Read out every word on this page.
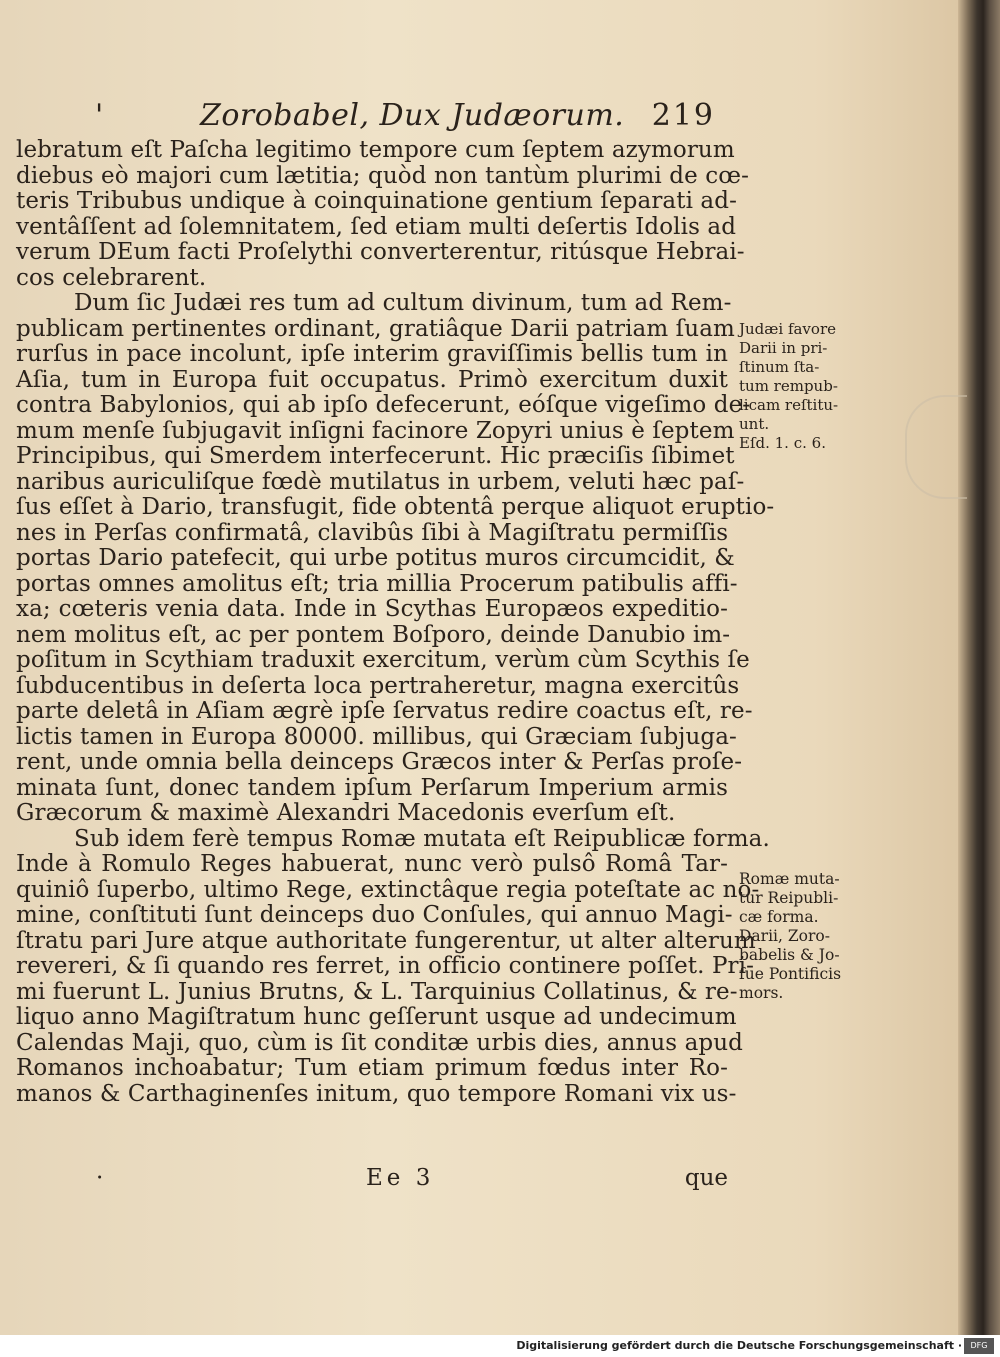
'	Zorobabel, Dux Judæorum. 219
lebratum eſt Paſcha legitimo tempore cum ſeptem azymorum
diebus eò majori cum lætitia; quòd non tantùm plurimi de cœ-
teris Tribubus undique à coinquinatione gentium ſeparati ad-
ventâſſent ad ſolemnitatem, ſed etiam multi deſertis Idolis ad
verum DEum facti Proſelythi converterentur, ritúsque Hebrai-
cos celebrarent.
Dum ſic Judæi res tum ad cultum divinum, tum ad Rem-
publicam pertinentes ordinant, gratiâque Darii patriam ſuam
rurſus in pace incolunt, ipſe interim graviſſimis bellis tum in
Aſia, tum in Europa fuit occupatus. Primò exercitum duxit
contra Babylonios, qui ab ipſo defecerunt, eóſque vigeſimo de-
mum menſe ſubjugavit inſigni facinore Zopyri unius è ſeptem
Principibus, qui Smerdem interfecerunt. Hic præciſis ſibimet
naribus auriculiſque fœdè mutilatus in urbem, veluti hæc paſ-
ſus eſſet à Dario, transfugit, fide obtentâ perque aliquot eruptio-
nes in Perſas confirmatâ, clavibûs ſibi à Magiſtratu permiſſis
portas Dario patefecit, qui urbe potitus muros circumcidit, &
portas omnes amolitus eſt; tria millia Procerum patibulis affi-
xa; cœteris venia data. Inde in Scythas Europæos expeditio-
nem molitus eſt, ac per pontem Boſporo, deinde Danubio im-
poſitum in Scythiam traduxit exercitum, verùm cùm Scythis ſe
ſubducentibus in deſerta loca pertraheretur, magna exercitûs
parte deletâ in Aſiam ægrè ipſe ſervatus redire coactus eſt, re-
lictis tamen in Europa 80000. millibus, qui Græciam ſubjuga-
rent, unde omnia bella deinceps Græcos inter & Perſas proſe-
minata ſunt, donec tandem ipſum Perſarum Imperium armis
Græcorum & maximè Alexandri Macedonis everſum eſt.
Sub idem ferè tempus Romæ mutata eſt Reipublicæ forma.
Inde à Romulo Reges habuerat, nunc verò pulsô Româ Tar-
quiniô ſuperbo, ultimo Rege, extinctâque regia poteſtate ac no-
mine, conſtituti ſunt deinceps duo Conſules, qui annuo Magi-
ſtratu pari Jure atque authoritate fungerentur, ut alter alterum
revereri, & ſi quando res ferret, in officio continere poſſet. Pri-
mi fuerunt L. Junius Brutns, & L. Tarquinius Collatinus, & re-
liquo anno Magiſtratum hunc geſſerunt usque ad undecimum
Calendas Maji, quo, cùm is ſit conditæ urbis dies, annus apud
Romanos inchoabatur; Tum etiam primum fœdus inter Ro-
manos & Carthaginenſes initum, quo tempore Romani vix us-
·	Ee 3	que
Judæi favore
Darii in pri-
ſtinum ſta-
tum rempub-
licam reſtitu-
unt.
Eſd. 1. c. 6.
Romæ muta-
tur Reipubli-
cæ forma.
Darii, Zoro-
babelis & Jo-
ſue Pontificis
mors.
Digitalisierung gefördert durch die Deutsche Forschungsgemeinschaft ·	DFG
